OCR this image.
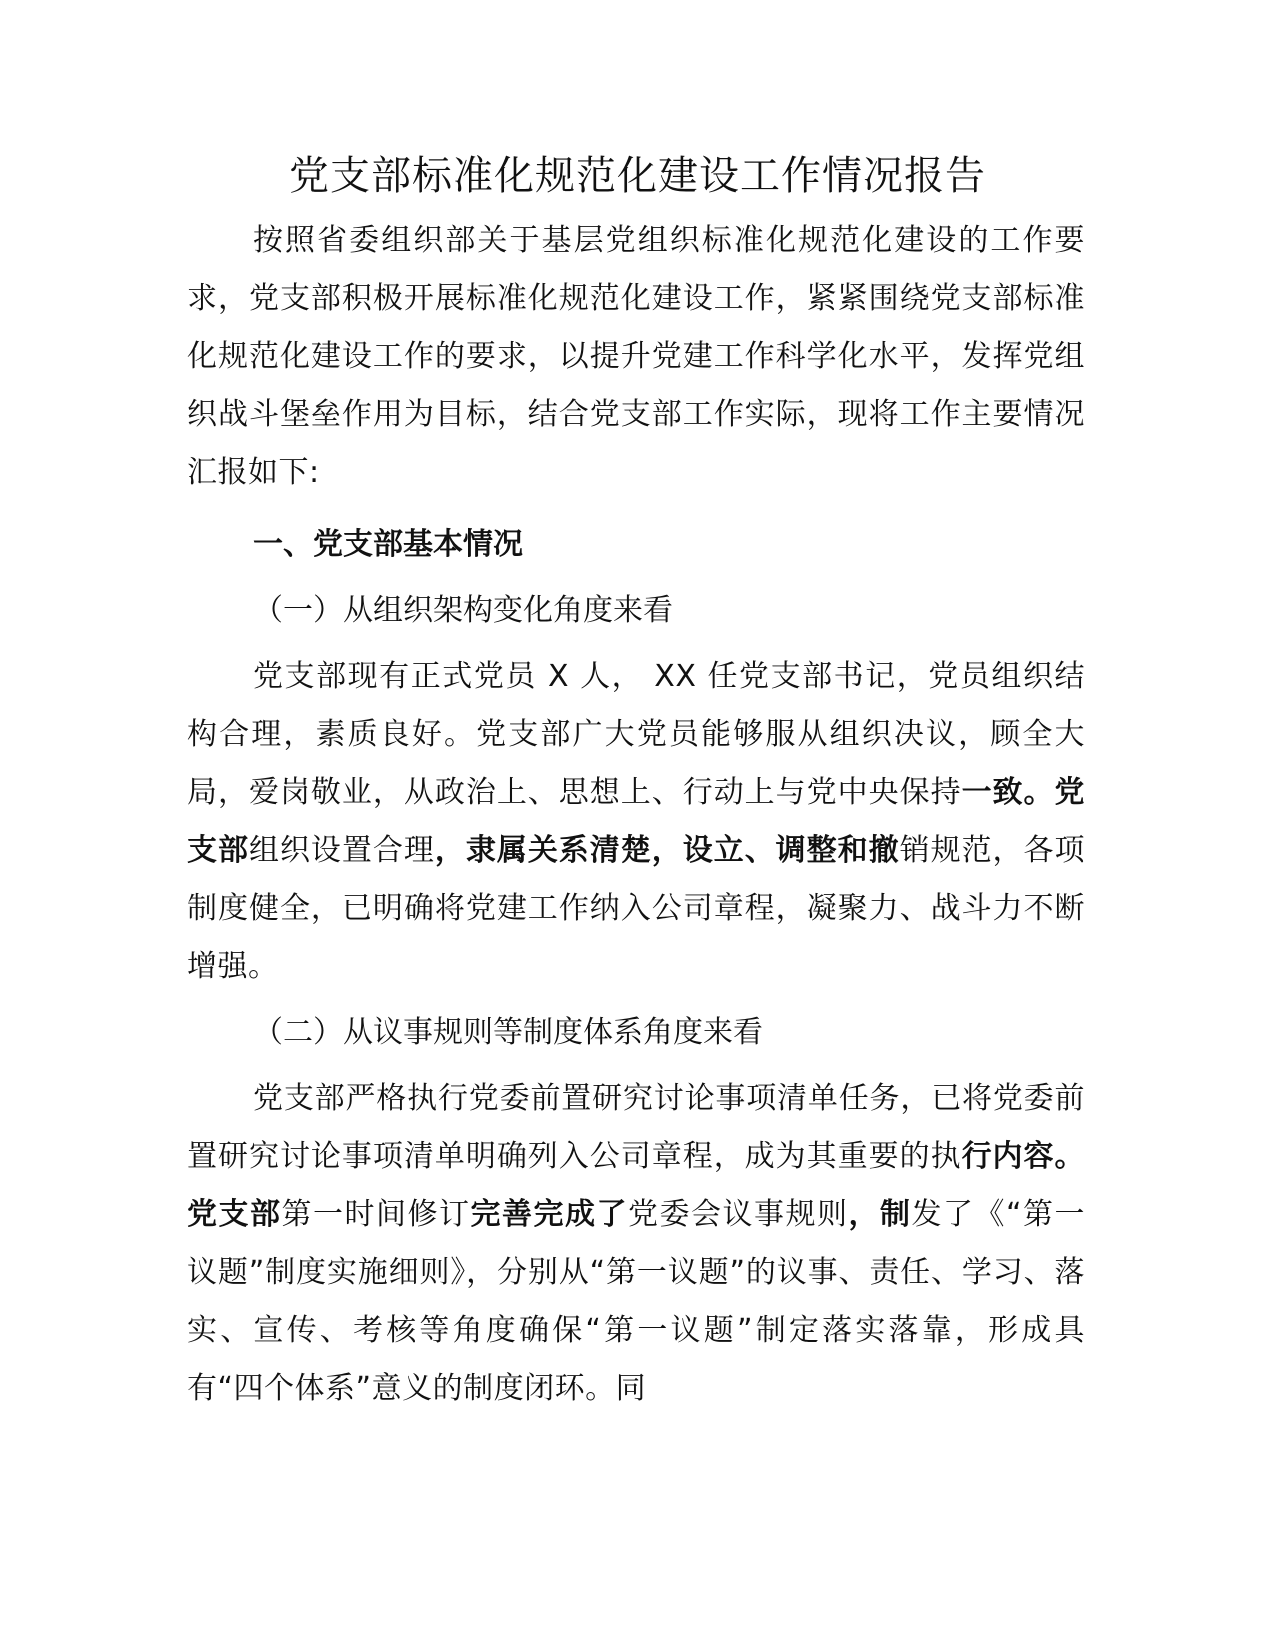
党支部标准化规范化建设工作情况报告

按照省委组织部关于基层党组织标准化规范化建设的工作要求，党支部积极开展标准化规范化建设工作，紧紧围绕党支部标准化规范化建设工作的要求，以提升党建工作科学化水平，发挥党组织战斗堡垒作用为目标，结合党支部工作实际，现将工作主要情况汇报如下:

一、党支部基本情况

（一）从组织架构变化角度来看

党支部现有正式党员 X 人， XX 任党支部书记，党员组织结构合理，素质良好。党支部广大党员能够服从组织决议，顾全大局，爱岗敬业，从政治上、思想上、行动上与党中央保持一致。党支部组织设置合理，隶属关系清楚，设立、调整和撤销规范，各项制度健全，已明确将党建工作纳入公司章程，凝聚力、战斗力不断增强。

（二）从议事规则等制度体系角度来看

党支部严格执行党委前置研究讨论事项清单任务，已将党委前置研究讨论事项清单明确列入公司章程，成为其重要的执行内容。党支部第一时间修订完善完成了党委会议事规则，制发了《“第一议题”制度实施细则》，分别从“第一议题”的议事、责任、学习、落实、宣传、考核等角度确保“第一议题”制定落实落靠，形成具有“四个体系”意义的制度闭环。同
